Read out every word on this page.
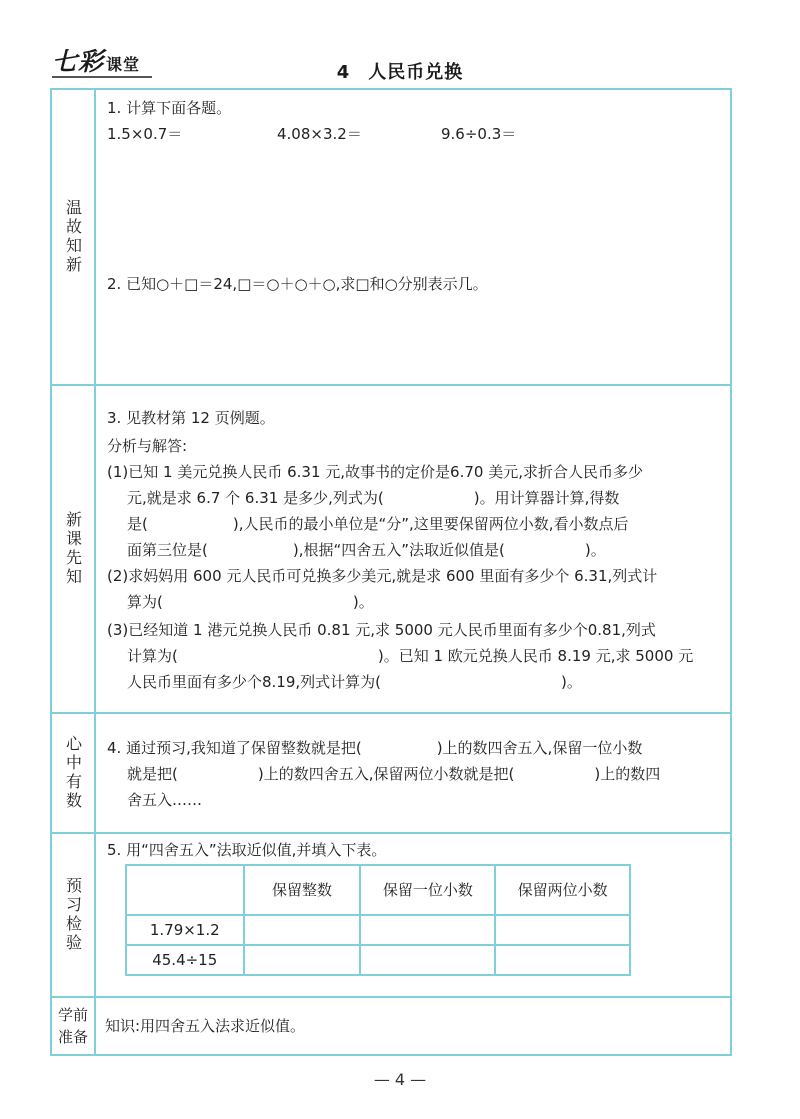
七彩 课堂	4 人民币兑换
温故知新
1. 计算下面各题。
1.5×0.7＝	4.08×3.2＝	9.6÷0.3＝
2. 已知○＋□＝24,□＝○＋○＋○,求□和○分别表示几。
新课先知
3. 见教材第 12 页例题。
分析与解答:
(1)已知 1 美元兑换人民币 6.31 元,故事书的定价是6.70 美元,求折合人民币多少
元,就是求 6.7 个 6.31 是多少,列式为(	)。用计算器计算,得数
是(	),人民币的最小单位是“分”,这里要保留两位小数,看小数点后
面第三位是(	),根据“四舍五入”法取近似值是(	)。
(2)求妈妈用 600 元人民币可兑换多少美元,就是求 600 里面有多少个 6.31,列式计
算为(	)。
(3)已经知道 1 港元兑换人民币 0.81 元,求 5000 元人民币里面有多少个0.81,列式
计算为(	)。已知 1 欧元兑换人民币 8.19 元,求 5000 元
人民币里面有多少个8.19,列式计算为(	)。
心中有数 4. 通过预习,我知道了保留整数就是把(	)上的数四舍五入,保留一位小数
就是把(	)上的数四舍五入,保留两位小数就是把(	)上的数四
舍五入……
预习检验
5. 用“四舍五入”法取近似值,并填入下表。
	保留整数	保留一位小数	保留两位小数
1.79×1.2			
45.4÷15			
学前准备
知识:用四舍五入法求近似值。
— 4 —
